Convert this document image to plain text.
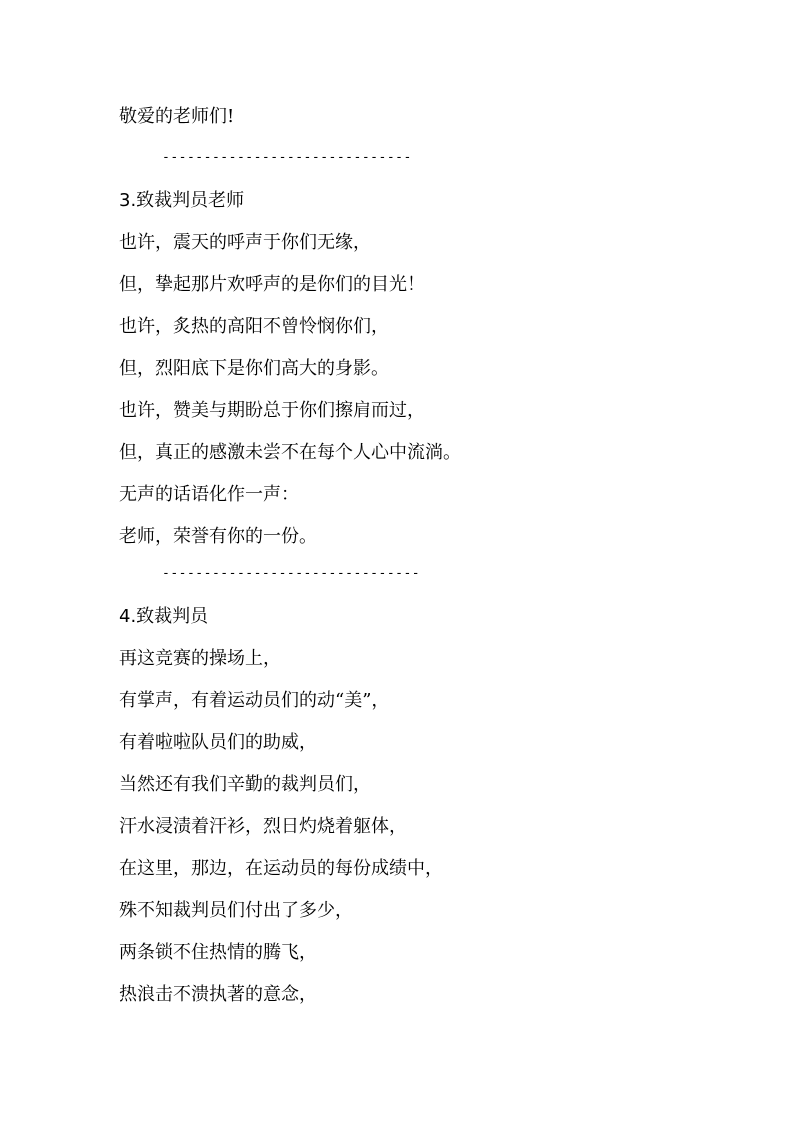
敬爱的老师们!
------------------------------
3.致裁判员老师
也许，震天的呼声于你们无缘，
但，挚起那片欢呼声的是你们的目光！
也许，炙热的高阳不曾怜悯你们，
但，烈阳底下是你们高大的身影。
也许，赞美与期盼总于你们擦肩而过，
但，真正的感激未尝不在每个人心中流淌。
无声的话语化作一声：
老师，荣誉有你的一份。
-------------------------------
4.致裁判员
再这竞赛的操场上，
有掌声，有着运动员们的动“美”，
有着啦啦队员们的助威，
当然还有我们辛勤的裁判员们，
汗水浸渍着汗衫，烈日灼烧着躯体，
在这里，那边，在运动员的每份成绩中，
殊不知裁判员们付出了多少，
两条锁不住热情的腾飞，
热浪击不溃执著的意念，
